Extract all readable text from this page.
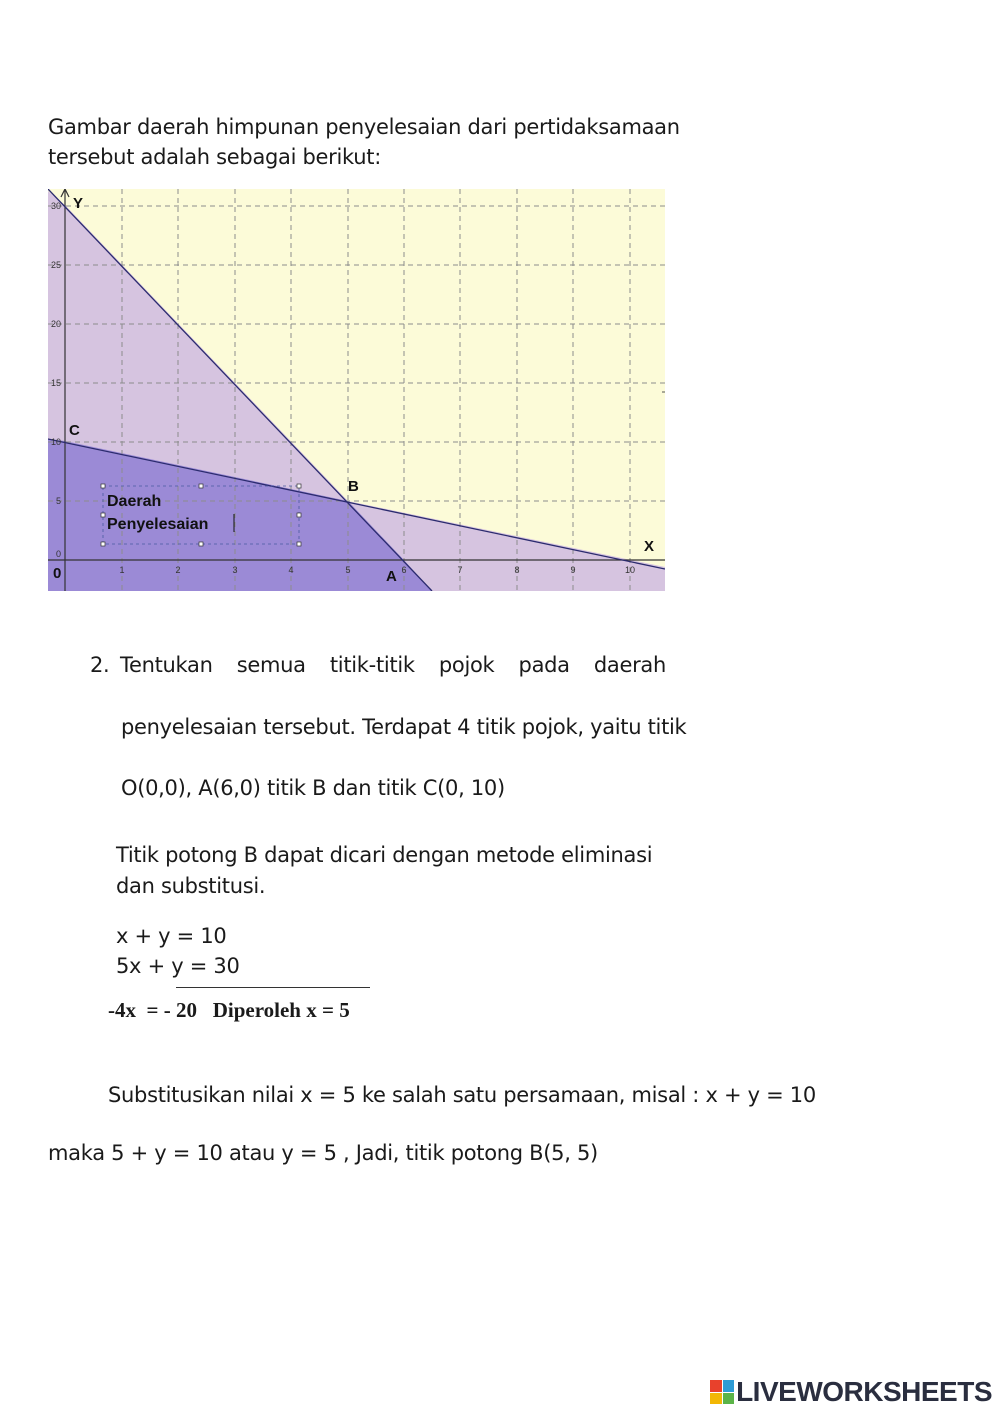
Gambar daerah himpunan penyelesaian dari pertidaksamaan
tersebut adalah sebagai berikut:
1	2	3	4	5	6	7	8	9	10
0
5
10
15
20
25
30 Y
X
0
C
B
A
Daerah
Penyelesaian
2. Tentukan semua titik-titik pojok pada daerah
penyelesaian tersebut. Terdapat 4 titik pojok, yaitu titik
O(0,0), A(6,0) titik B dan titik C(0, 10)
Titik potong B dapat dicari dengan metode eliminasi
dan substitusi.
x + y = 10
5x + y = 30
-4x  = - 20   Diperoleh x = 5
Substitusikan nilai x = 5 ke salah satu persamaan, misal : x + y = 10
maka 5 + y = 10 atau y = 5 , Jadi, titik potong B(5, 5)
LIVEWORKSHEETS
